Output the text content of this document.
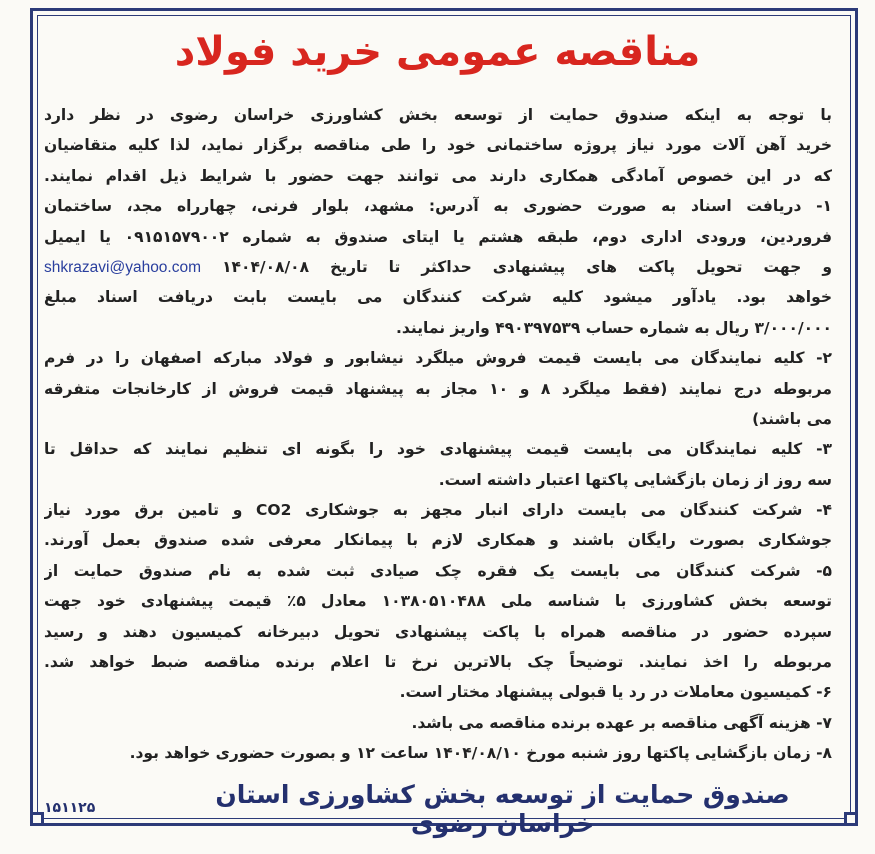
مناقصه عمومی خرید فولاد
با توجه به اینکه صندوق حمایت از توسعه بخش کشاورزی خراسان رضوی در نظر دارد
خرید آهن آلات مورد نیاز پروژه ساختمانی خود را طی مناقصه برگزار نماید، لذا کلیه متقاضیان
که در این خصوص آمادگی همکاری دارند می توانند جهت حضور با شرایط ذیل اقدام نمایند.
۱- دریافت اسناد به صورت حضوری به آدرس: مشهد، بلوار فرنی، چهارراه مجد، ساختمان
فروردین، ورودی اداری دوم، طبقه هشتم یا ایتای صندوق به شماره ۰۹۱۵۱۵۷۹۰۰۲ یا ایمیل
و جهت تحویل پاکت های پیشنهادی حداکثر تا تاریخ ۱۴۰۴/۰۸/۰۸ shkrazavi@yahoo.com
خواهد بود. یادآور میشود کلیه شرکت کنندگان می بایست بابت دریافت اسناد مبلغ
۳/۰۰۰/۰۰۰ ریال به شماره حساب ۴۹۰۳۹۷۵۳۹ واریز نمایند.
۲- کلیه نمایندگان می بایست قیمت فروش میلگرد نیشابور و فولاد مبارکه اصفهان را در فرم
مربوطه درج نمایند (فقط میلگرد ۸ و ۱۰ مجاز به پیشنهاد قیمت فروش از کارخانجات متفرقه
می باشند)
۳- کلیه نمایندگان می بایست قیمت پیشنهادی خود را بگونه ای تنظیم نمایند که حداقل تا
سه روز از زمان بازگشایی پاکتها اعتبار داشته است.
۴- شرکت کنندگان می بایست دارای انبار مجهز به جوشکاری CO2 و تامین برق مورد نیاز
جوشکاری بصورت رایگان باشند و همکاری لازم با پیمانکار معرفی شده صندوق بعمل آورند.
۵- شرکت کنندگان می بایست یک فقره چک صیادی ثبت شده به نام صندوق حمایت از
توسعه بخش کشاورزی با شناسه ملی ۱۰۳۸۰۵۱۰۴۸۸ معادل ۵٪ قیمت پیشنهادی خود جهت
سپرده حضور در مناقصه همراه با پاکت پیشنهادی تحویل دبیرخانه کمیسیون دهند و رسید
مربوطه را اخذ نمایند. توضیحاً چک بالاترین نرخ تا اعلام برنده مناقصه ضبط خواهد شد.
۶- کمیسیون معاملات در رد یا قبولی پیشنهاد مختار است.
۷- هزینه آگهی مناقصه بر عهده برنده مناقصه می باشد.
۸- زمان بازگشایی پاکتها روز شنبه مورخ ۱۴۰۴/۰۸/۱۰ ساعت ۱۲ و بصورت حضوری خواهد بود.
صندوق حمایت از توسعه بخش کشاورزی استان خراسان رضوی
۱۵۱۱۲۵
